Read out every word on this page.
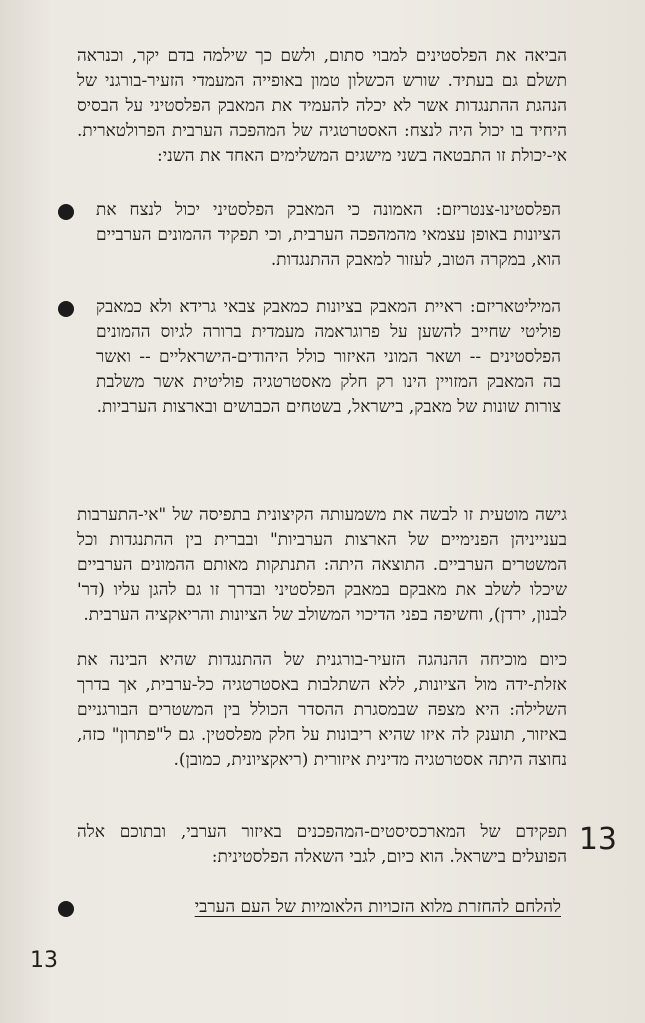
הביאה את הפלסטינים למבוי סתום, ולשם כך שילמה בדם יקר, וכנראה תשלם גם בעתיד. שורש הכשלון טמון באופייה המעמדי הזעיר-בורגני של הנהגת ההתנגדות אשר לא יכלה להעמיד את המאבק הפלסטיני על הבסיס היחיד בו יכול היה לנצח: האסטרטגיה של המהפכה הערבית הפרולטארית. אי-יכולת זו התבטאה בשני מישגים המשלימים האחד את השני:
הפלסטינו-צנטריזם: האמונה כי המאבק הפלסטיני יכול לנצח את הציונות באופן עצמאי מהמהפכה הערבית, וכי תפקיד ההמונים הערביים הוא, במקרה הטוב, לעזור למאבק ההתנגדות.
המיליטאריזם: ראיית המאבק בציונות כמאבק צבאי גרידא ולא כמאבק פוליטי שחייב להשען על פרוגראמה מעמדית ברורה לגיוס ההמונים הפלסטינים -- ושאר המוני האיזור כולל היהודים-הישראליים -- ואשר בה המאבק המזויין הינו רק חלק מאסטרטגיה פוליטית אשר משלבת צורות שונות של מאבק, בישראל, בשטחים הכבושים ובארצות הערביות.
גישה מוטעית זו לבשה את משמעותה הקיצונית בתפיסה של "אי-התערבות בענייניהן הפנימיים של הארצות הערביות" ובברית בין ההתנגדות וכל המשטרים הערביים. התוצאה היתה: התנתקות מאותם ההמונים הערביים שיכלו לשלב את מאבקם במאבק הפלסטיני ובדרך זו גם להגן עליו (דר' לבנון, ירדן), וחשיפה בפני הדיכוי המשולב של הציונות והריאקציה הערבית.
כיום מוכיחה ההנהגה הזעיר-בורגנית של ההתנגדות שהיא הבינה את אזלת-ידה מול הציונות, ללא השתלבות באסטרטגיה כל-ערבית, אך בדרך השלילה: היא מצפה שבמסגרת ההסדר הכולל בין המשטרים הבורגניים באיזור, תוענק לה איזו שהיא ריבונות על חלק מפלסטין. גם ל"פתרון" כזה, נחוצה היתה אסטרטגיה מדינית איזורית (ריאקציונית, כמובן).
13
תפקידם של המארכסיסטים-המהפכנים באיזור הערבי, ובתוכם אלה הפועלים בישראל. הוא כיום, לגבי השאלה הפלסטינית:
להלחם להחזרת מלוא הזכויות הלאומיות של העם הערבי
13
